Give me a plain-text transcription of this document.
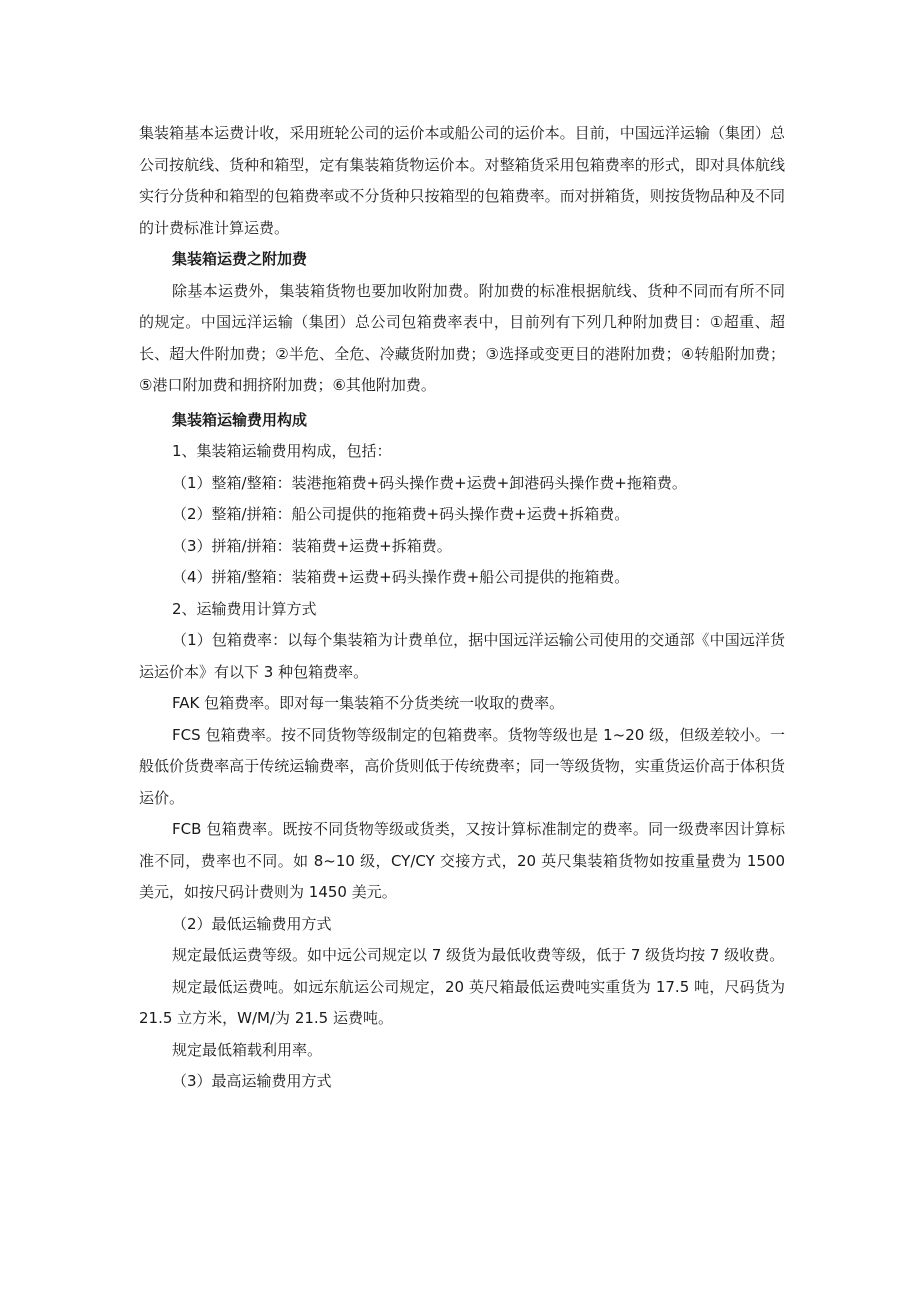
集装箱基本运费计收，采用班轮公司的运价本或船公司的运价本。目前，中国远洋运输（集团）总公司按航线、货种和箱型，定有集装箱货物运价本。对整箱货采用包箱费率的形式，即对具体航线实行分货种和箱型的包箱费率或不分货种只按箱型的包箱费率。而对拼箱货，则按货物品种及不同的计费标准计算运费。

集装箱运费之附加费

除基本运费外，集装箱货物也要加收附加费。附加费的标准根据航线、货种不同而有所不同的规定。中国远洋运输（集团）总公司包箱费率表中，目前列有下列几种附加费目：①超重、超长、超大件附加费；②半危、全危、冷藏货附加费；③选择或变更目的港附加费；④转船附加费；⑤港口附加费和拥挤附加费；⑥其他附加费。

集装箱运输费用构成

1、集装箱运输费用构成，包括：

（1）整箱/整箱：装港拖箱费+码头操作费+运费+卸港码头操作费+拖箱费。

（2）整箱/拼箱：船公司提供的拖箱费+码头操作费+运费+拆箱费。

（3）拼箱/拼箱：装箱费+运费+拆箱费。

（4）拼箱/整箱：装箱费+运费+码头操作费+船公司提供的拖箱费。

2、运输费用计算方式

（1）包箱费率：以每个集装箱为计费单位，据中国远洋运输公司使用的交通部《中国远洋货运运价本》有以下 3 种包箱费率。

FAK 包箱费率。即对每一集装箱不分货类统一收取的费率。

FCS 包箱费率。按不同货物等级制定的包箱费率。货物等级也是 1~20 级，但级差较小。一般低价货费率高于传统运输费率，高价货则低于传统费率；同一等级货物，实重货运价高于体积货运价。

FCB 包箱费率。既按不同货物等级或货类，又按计算标准制定的费率。同一级费率因计算标准不同，费率也不同。如 8~10 级，CY/CY 交接方式，20 英尺集装箱货物如按重量费为 1500 美元，如按尺码计费则为 1450 美元。

（2）最低运输费用方式

规定最低运费等级。如中远公司规定以 7 级货为最低收费等级，低于 7 级货均按 7 级收费。

规定最低运费吨。如远东航运公司规定，20 英尺箱最低运费吨实重货为 17.5 吨，尺码货为 21.5 立方米，W/M/为 21.5 运费吨。

规定最低箱载利用率。

（3）最高运输费用方式
